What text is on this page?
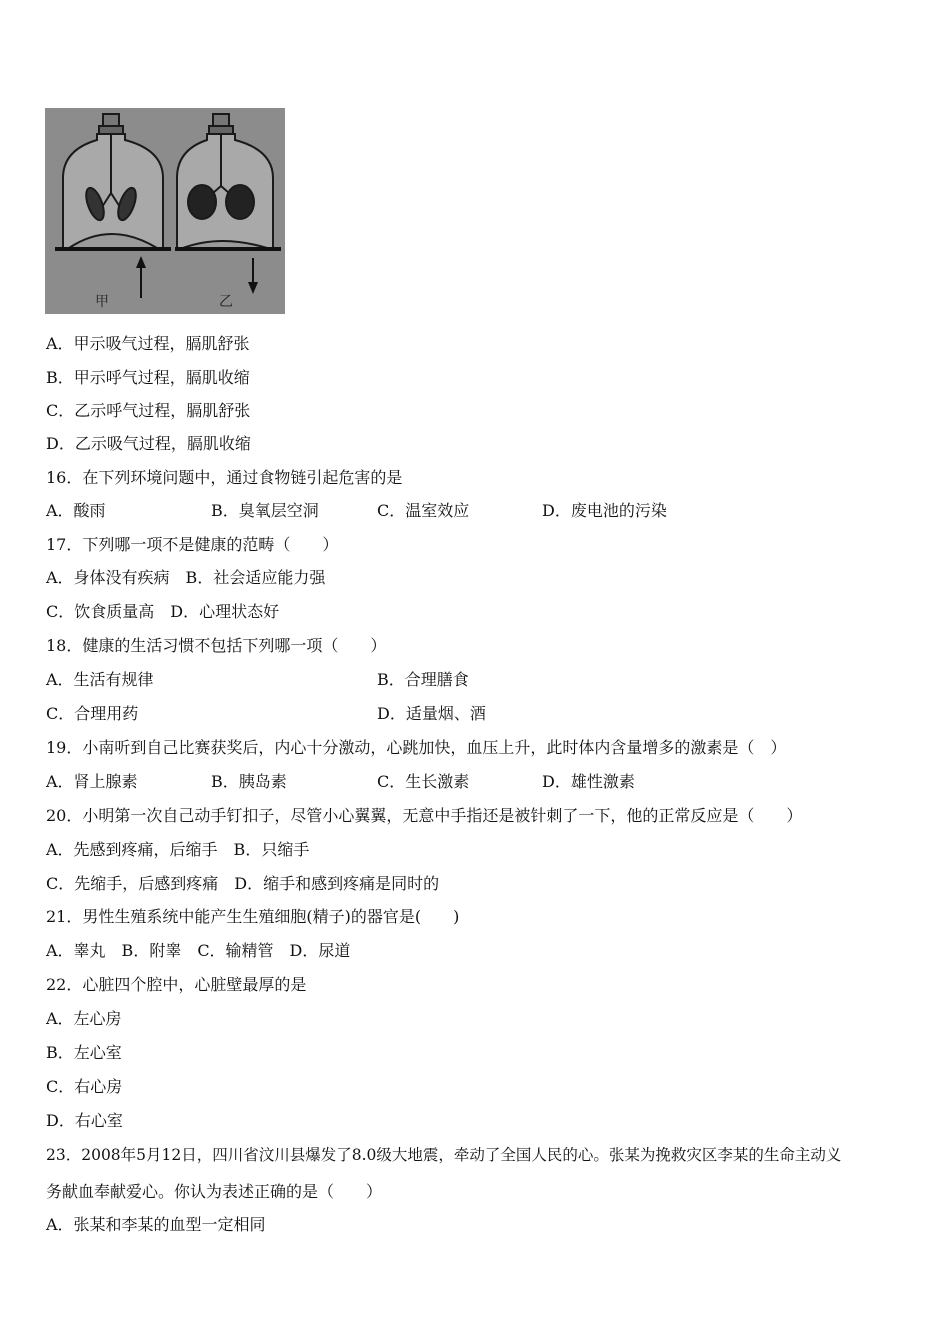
甲	乙
A．甲示吸气过程，膈肌舒张
B．甲示呼气过程，膈肌收缩
C．乙示呼气过程，膈肌舒张
D．乙示吸气过程，膈肌收缩
16．在下列环境问题中，通过食物链引起危害的是
A．酸雨	B．臭氧层空洞	C．温室效应	D．废电池的污染
17．下列哪一项不是健康的范畴（　　）
A．身体没有疾病　B．社会适应能力强
C．饮食质量高　D．心理状态好
18．健康的生活习惯不包括下列哪一项（　　）
A．生活有规律	B．合理膳食
C．合理用药	D．适量烟、酒
19．小南听到自己比赛获奖后，内心十分激动，心跳加快，血压上升，此时体内含量增多的激素是（　）
A．肾上腺素	B．胰岛素	C．生长激素	D．雄性激素
20．小明第一次自己动手钉扣子，尽管小心翼翼，无意中手指还是被针刺了一下，他的正常反应是（　　）
A．先感到疼痛，后缩手　B．只缩手
C．先缩手，后感到疼痛　D．缩手和感到疼痛是同时的
21．男性生殖系统中能产生生殖细胞(精子)的器官是(　　)
A．睾丸　B．附睾　C．输精管　D．尿道
22．心脏四个腔中，心脏壁最厚的是
A．左心房
B．左心室
C．右心房
D．右心室
23．2008年5月12日，四川省汶川县爆发了8.0级大地震，牵动了全国人民的心。张某为挽救灾区李某的生命主动义
务献血奉献爱心。你认为表述正确的是（　　）
A．张某和李某的血型一定相同
